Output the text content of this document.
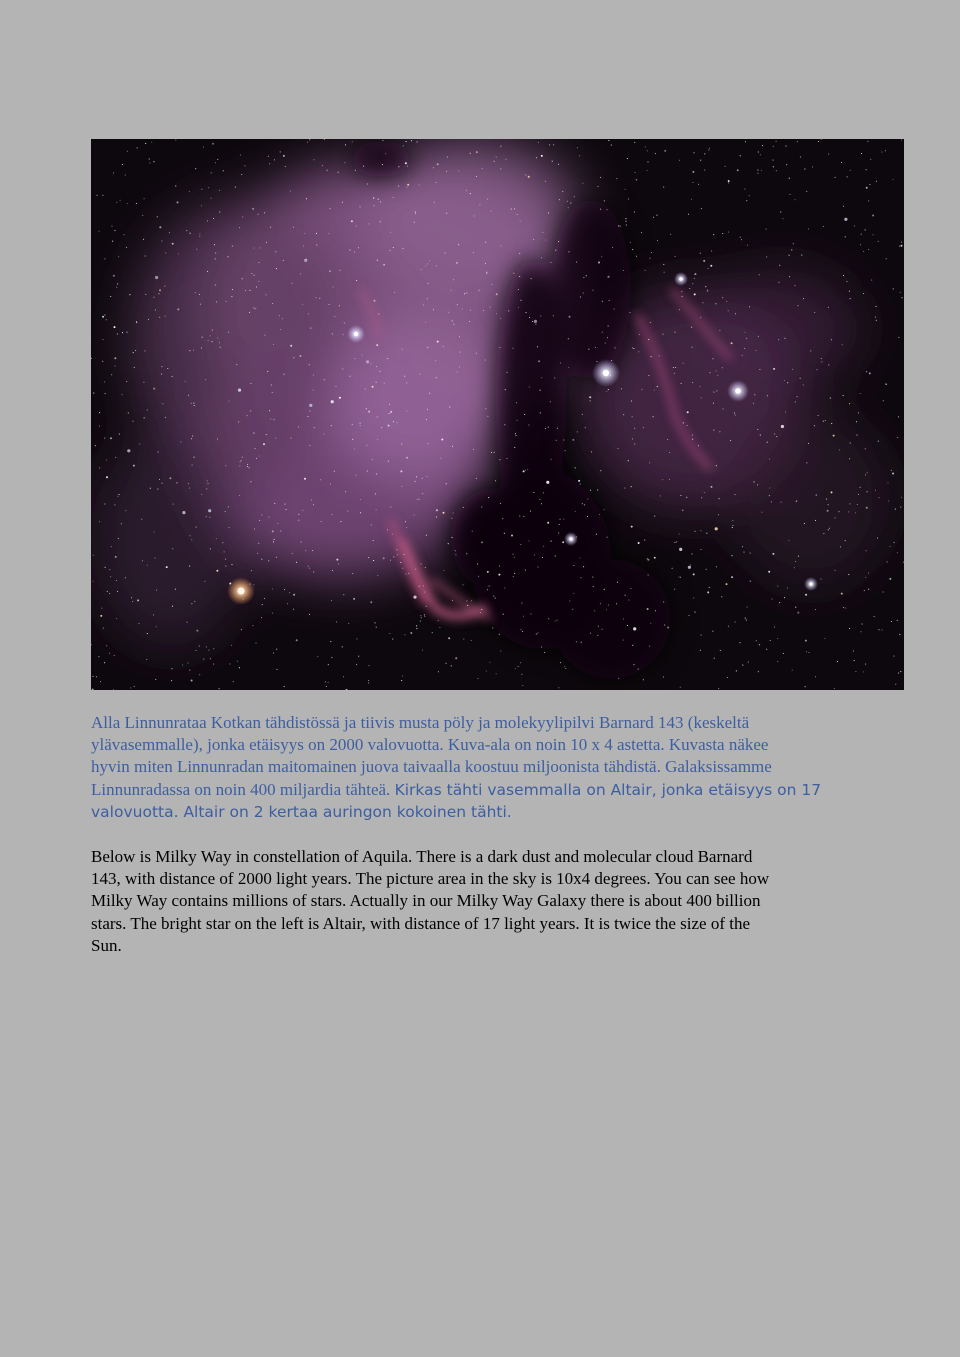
Alla Linnunrataa Kotkan tähdistössä ja tiivis musta pöly ja molekyylipilvi Barnard 143 (keskeltä
ylävasemmalle), jonka etäisyys on 2000 valovuotta. Kuva-ala on noin 10 x 4 astetta. Kuvasta näkee
hyvin miten Linnunradan maitomainen juova taivaalla koostuu miljoonista tähdistä. Galaksissamme
Linnunradassa on noin 400 miljardia tähteä. Kirkas tähti vasemmalla on Altair, jonka etäisyys on 17
valovuotta. Altair on 2 kertaa auringon kokoinen tähti.

Below is Milky Way in constellation of Aquila. There is a dark dust and molecular cloud Barnard
143, with distance of 2000 light years. The picture area in the sky is 10x4 degrees. You can see how
Milky Way contains millions of stars. Actually in our Milky Way Galaxy there is about 400 billion
stars. The bright star on the left is Altair, with distance of 17 light years. It is twice the size of the
Sun.
